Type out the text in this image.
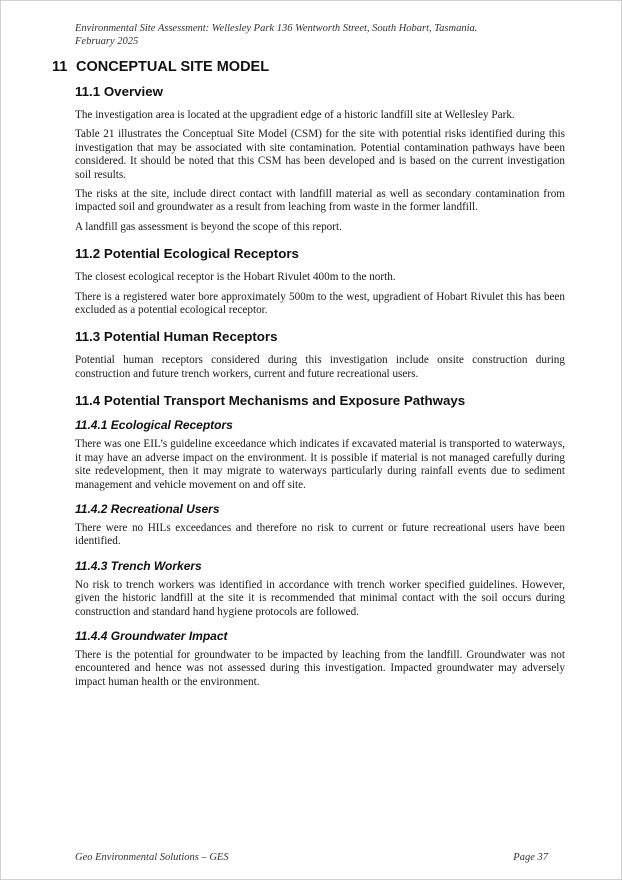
Environmental Site Assessment: Wellesley Park 136 Wentworth Street, South Hobart, Tasmania.
February 2025
11 CONCEPTUAL SITE MODEL
11.1 Overview

The investigation area is located at the upgradient edge of a historic landfill site at Wellesley Park.

Table 21 illustrates the Conceptual Site Model (CSM) for the site with potential risks identified during this investigation that may be associated with site contamination. Potential contamination pathways have been considered. It should be noted that this CSM has been developed and is based on the current investigation soil results.

The risks at the site, include direct contact with landfill material as well as secondary contamination from impacted soil and groundwater as a result from leaching from waste in the former landfill.

A landfill gas assessment is beyond the scope of this report.

11.2 Potential Ecological Receptors

The closest ecological receptor is the Hobart Rivulet 400m to the north.

There is a registered water bore approximately 500m to the west, upgradient of Hobart Rivulet this has been excluded as a potential ecological receptor.

11.3 Potential Human Receptors

Potential human receptors considered during this investigation include onsite construction during construction and future trench workers, current and future recreational users.

11.4 Potential Transport Mechanisms and Exposure Pathways
11.4.1 Ecological Receptors

There was one EIL’s guideline exceedance which indicates if excavated material is transported to waterways, it may have an adverse impact on the environment. It is possible if material is not managed carefully during site redevelopment, then it may migrate to waterways particularly during rainfall events due to sediment management and vehicle movement on and off site.

11.4.2 Recreational Users

There were no HILs exceedances and therefore no risk to current or future recreational users have been identified.

11.4.3 Trench Workers

No risk to trench workers was identified in accordance with trench worker specified guidelines. However, given the historic landfill at the site it is recommended that minimal contact with the soil occurs during construction and standard hand hygiene protocols are followed.

11.4.4 Groundwater Impact

There is the potential for groundwater to be impacted by leaching from the landfill. Groundwater was not encountered and hence was not assessed during this investigation. Impacted groundwater may adversely impact human health or the environment.

Geo Environmental Solutions – GES	Page 37
